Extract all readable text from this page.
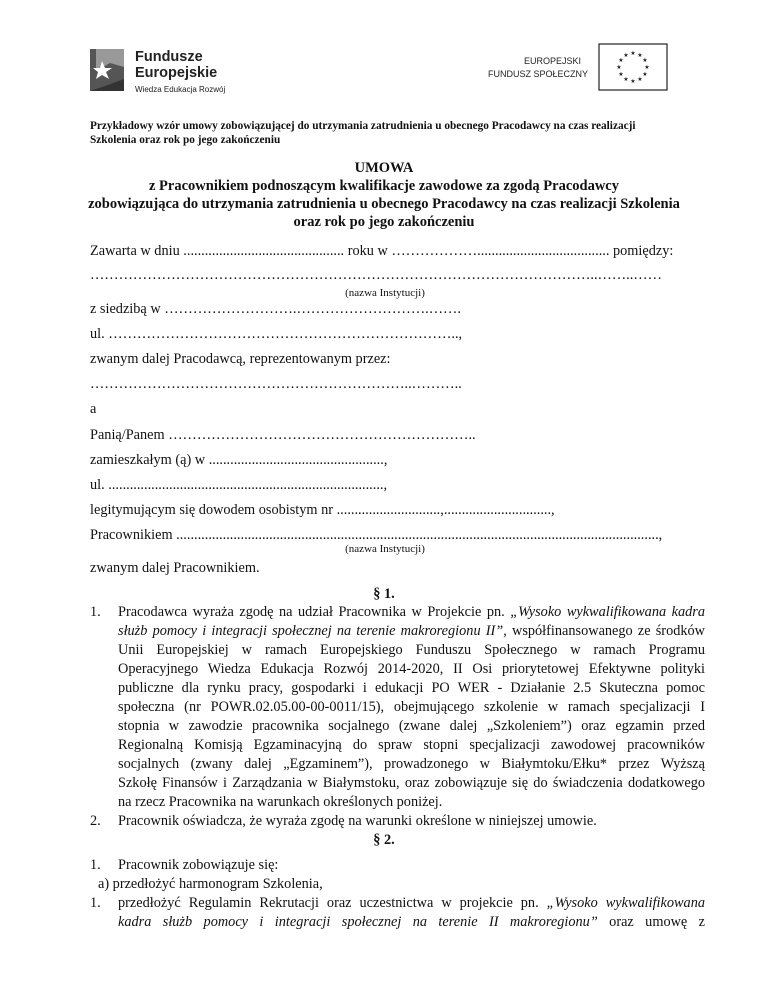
Fundusze
Europejskie
Wiedza Edukacja Rozwój
EUROPEJSKI
FUNDUSZ SPOŁECZNY
★ ★
★
★
★
★
★
★
★
★
★
★
Przykładowy wzór umowy zobowiązującej do utrzymania zatrudnienia u obecnego Pracodawcy na czas realizacji
Szkolenia oraz rok po jego zakończeniu
UMOWA
z Pracownikiem podnoszącym kwalifikacje zawodowe za zgodą Pracodawcy
zobowiązująca do utrzymania zatrudnienia u obecnego Pracodawcy na czas realizacji Szkolenia
oraz rok po jego zakończeniu
Zawarta w dniu ............................................. roku w ………………..................................... pomiędzy:
……………………………………………………………………………………………..……..……
(nazwa Instytucji)
z siedzibą w ……………………….……………………….…….
ul. ………………………………………………………………..,
zwanym dalej Pracodawcą, reprezentowanym przez:
…………………………………………………………..………..
a
Panią/Panem ………………………………………………………..
zamieszkałym (ą) w .................................................,
ul. .............................................................................,
legitymującym się dowodem osobistym nr .............................,..............................,
Pracownikiem .......................................................................................................................................,
(nazwa Instytucji)
zwanym dalej Pracownikiem.
§ 1.
1. Pracodawca wyraża zgodę na udział Pracownika w Projekcie pn. „Wysoko wykwalifikowana kadra
służb pomocy i integracji społecznej na terenie makroregionu II”, współfinansowanego ze środków
Unii Europejskiej w ramach Europejskiego Funduszu Społecznego w ramach Programu
Operacyjnego Wiedza Edukacja Rozwój 2014-2020, II Osi priorytetowej Efektywne polityki
publiczne dla rynku pracy, gospodarki i edukacji PO WER - Działanie 2.5 Skuteczna pomoc
społeczna (nr POWR.02.05.00-00-0011/15), obejmującego szkolenie w ramach specjalizacji I
stopnia w zawodzie pracownika socjalnego (zwane dalej „Szkoleniem”) oraz egzamin przed
Regionalną Komisją Egzaminacyjną do spraw stopni specjalizacji zawodowej pracowników
socjalnych (zwany dalej „Egzaminem”), prowadzonego w Białymtoku/Ełku* przez Wyższą
Szkołę Finansów i Zarządzania w Białymstoku, oraz zobowiązuje się do świadczenia dodatkowego
na rzecz Pracownika na warunkach określonych poniżej.
2. Pracownik oświadcza, że wyraża zgodę na warunki określone w niniejszej umowie.
§ 2.
1. Pracownik zobowiązuje się:
a) przedłożyć harmonogram Szkolenia,
1. przedłożyć Regulamin Rekrutacji oraz uczestnictwa w projekcie pn. „Wysoko wykwalifikowana
kadra służb pomocy i integracji społecznej na terenie II makroregionu” oraz umowę z
